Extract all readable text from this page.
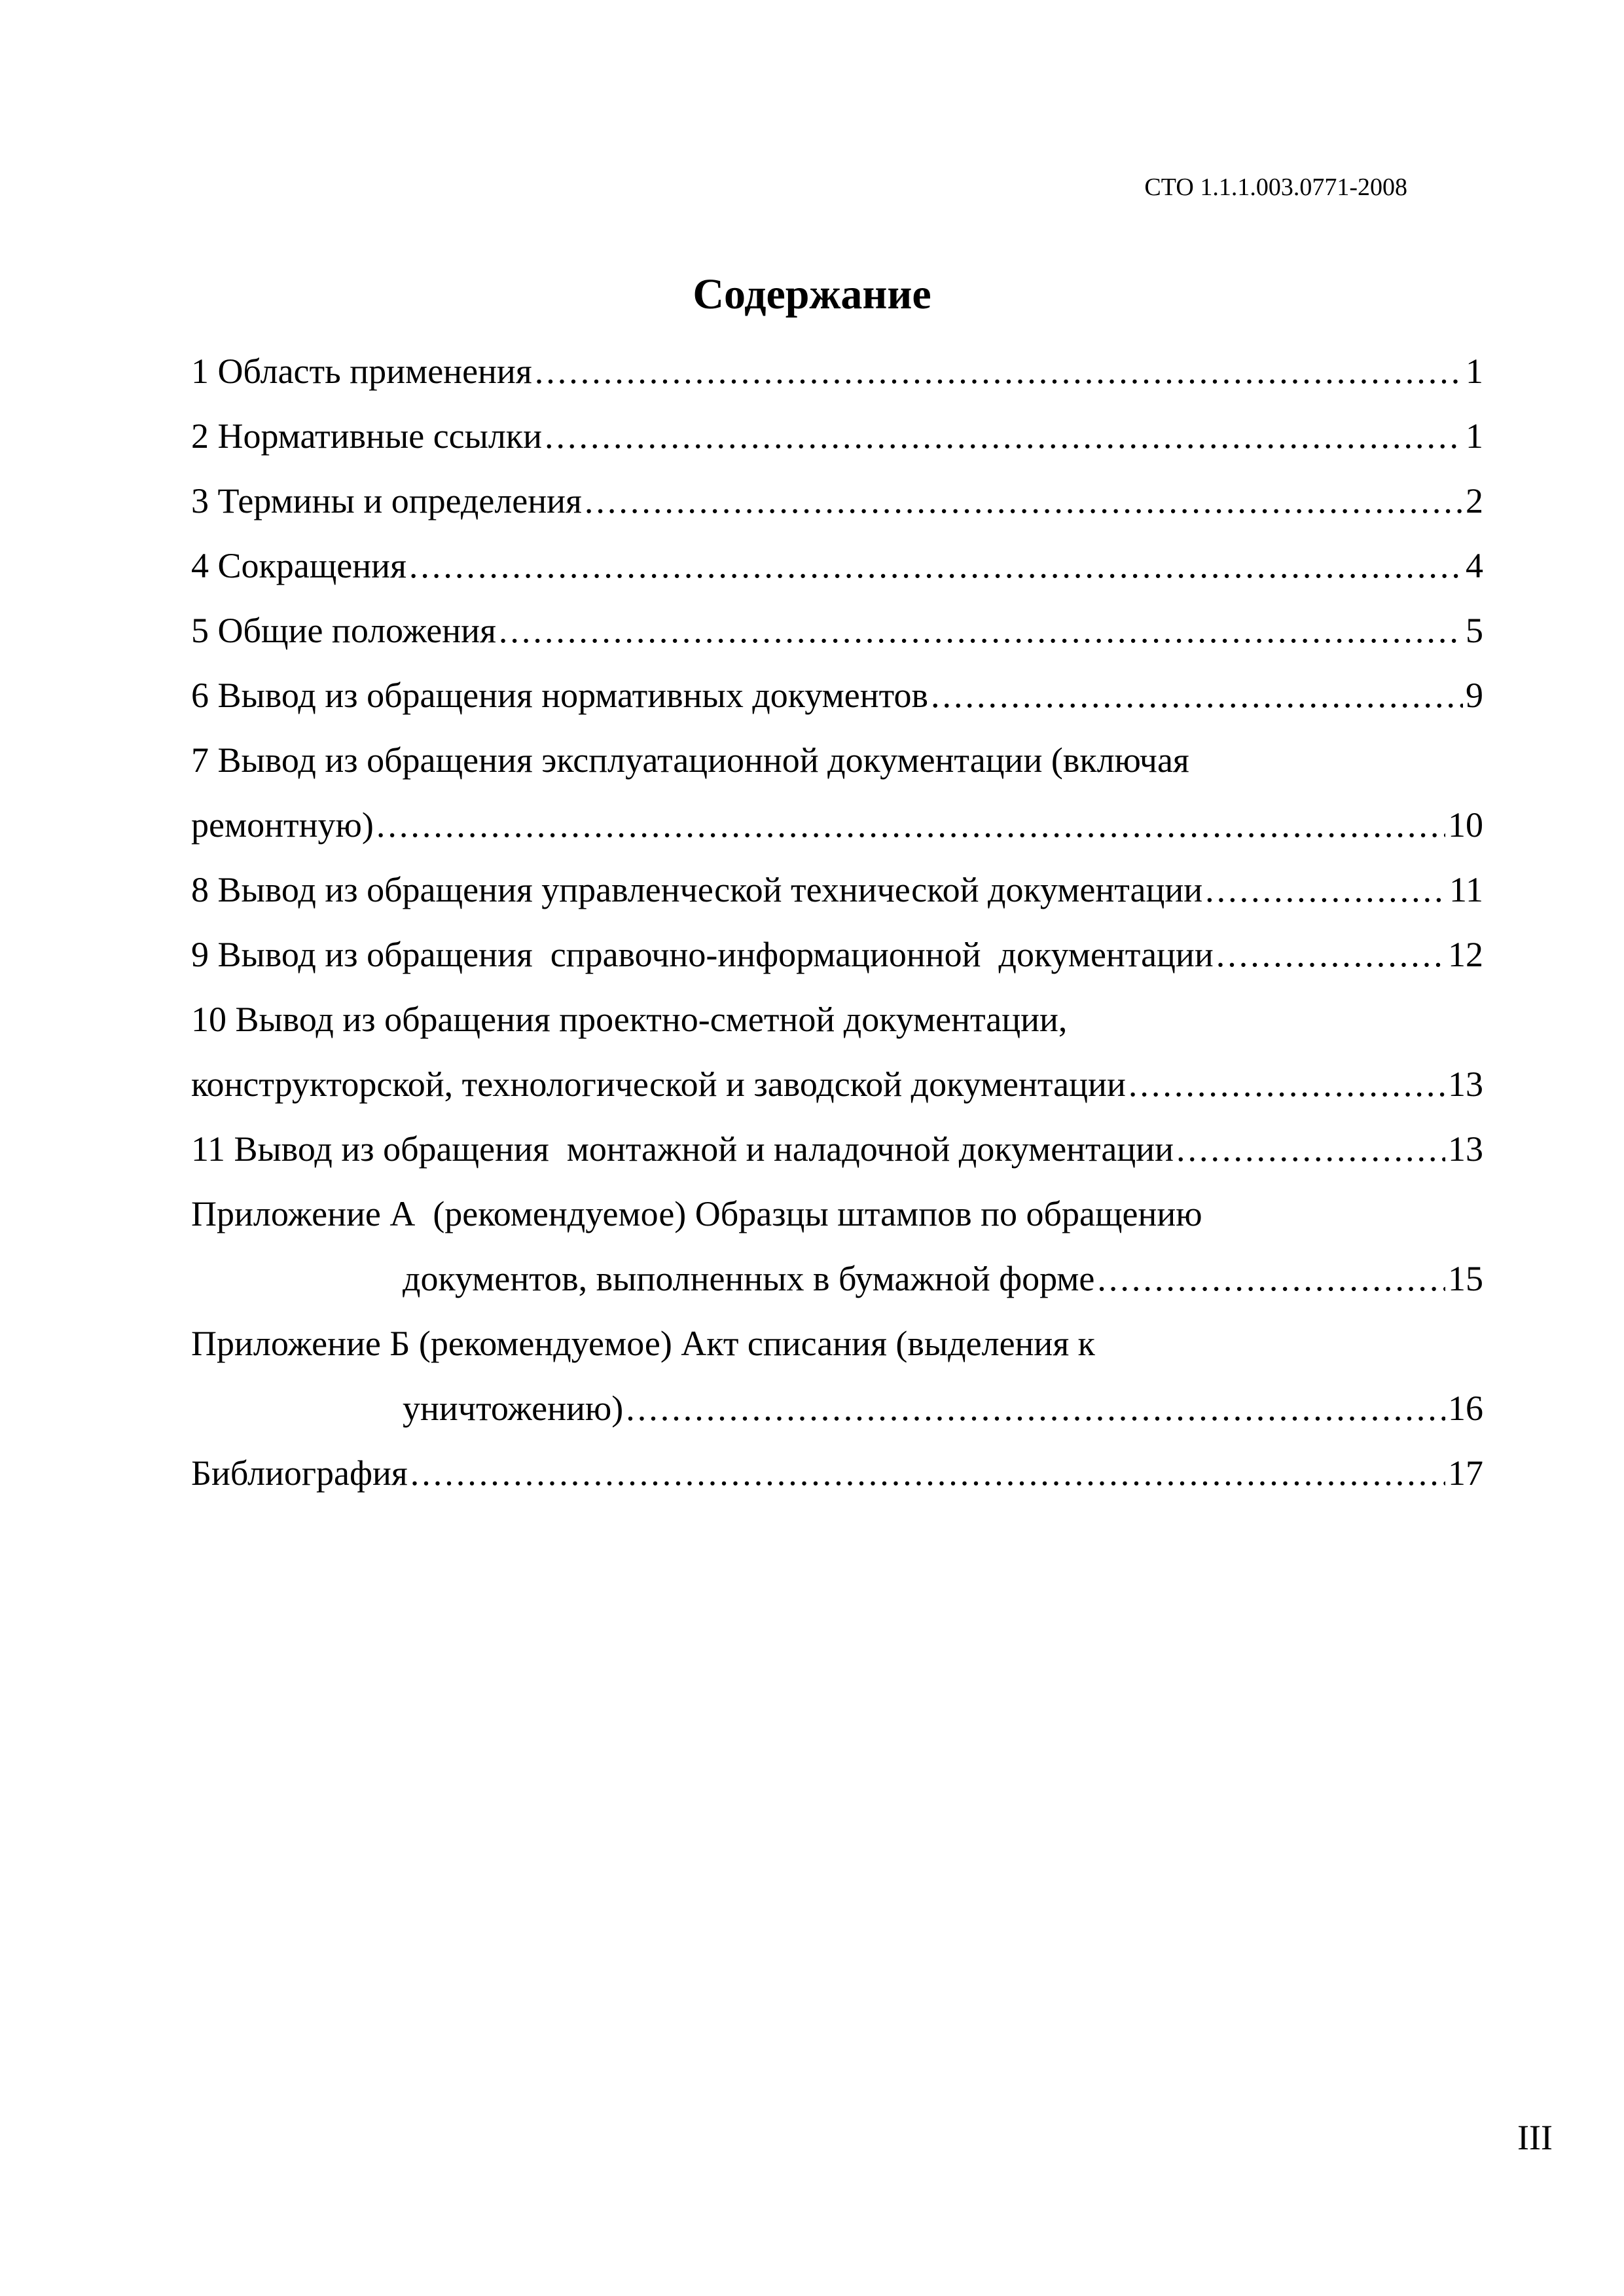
СТО 1.1.1.003.0771-2008
Содержание
1 Область применения .....	1
2 Нормативные ссылки .....	1
3 Термины и определения .....	2
4 Сокращения .....	4
5 Общие положения .....	5
6 Вывод из обращения нормативных документов .....	9
7 Вывод из обращения эксплуатационной документации (включая
ремонтную) .....	10
8 Вывод из обращения управленческой технической документации .....	11
9 Вывод из обращения  справочно-информационной  документации .....	12
10 Вывод из обращения проектно-сметной документации,
конструкторской, технологической и заводской документации .....	13
11 Вывод из обращения  монтажной и наладочной документации .....	13
Приложение А  (рекомендуемое) Образцы штампов по обращению
документов, выполненных в бумажной форме .....	15
Приложение Б (рекомендуемое) Акт списания (выделения к
уничтожению) .....	16
Библиография .....	17
III
